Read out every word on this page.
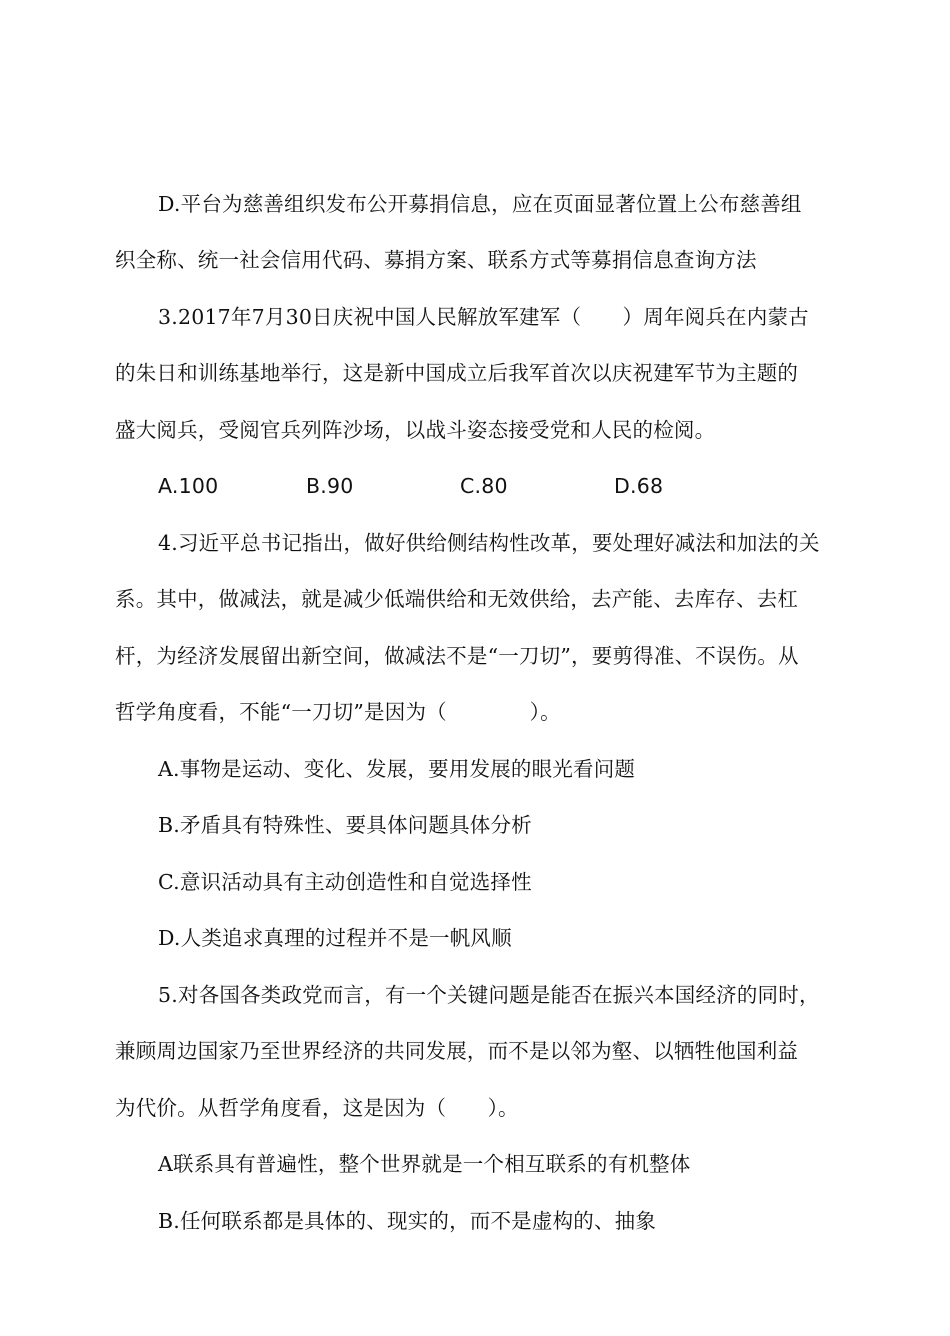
D.平台为慈善组织发布公开募捐信息，应在页面显著位置上公布慈善组
织全称、统一社会信用代码、募捐方案、联系方式等募捐信息查询方法
3.2017年7月30日庆祝中国人民解放军建军（　　）周年阅兵在内蒙古
的朱日和训练基地举行，这是新中国成立后我军首次以庆祝建军节为主题的
盛大阅兵，受阅官兵列阵沙场，以战斗姿态接受党和人民的检阅。
A.100	B.90	C.80	D.68
4.习近平总书记指出，做好供给侧结构性改革，要处理好减法和加法的关
系。其中，做减法，就是减少低端供给和无效供给，去产能、去库存、去杠
杆，为经济发展留出新空间，做减法不是“一刀切”，要剪得准、不误伤。从
哲学角度看，不能“一刀切”是因为（　　　　）。
A.事物是运动、变化、发展，要用发展的眼光看问题
B.矛盾具有特殊性、要具体问题具体分析
C.意识活动具有主动创造性和自觉选择性
D.人类追求真理的过程并不是一帆风顺
5.对各国各类政党而言，有一个关键问题是能否在振兴本国经济的同时，
兼顾周边国家乃至世界经济的共同发展，而不是以邻为壑、以牺牲他国利益
为代价。从哲学角度看，这是因为（　　）。
A联系具有普遍性，整个世界就是一个相互联系的有机整体
B.任何联系都是具体的、现实的，而不是虚构的、抽象
